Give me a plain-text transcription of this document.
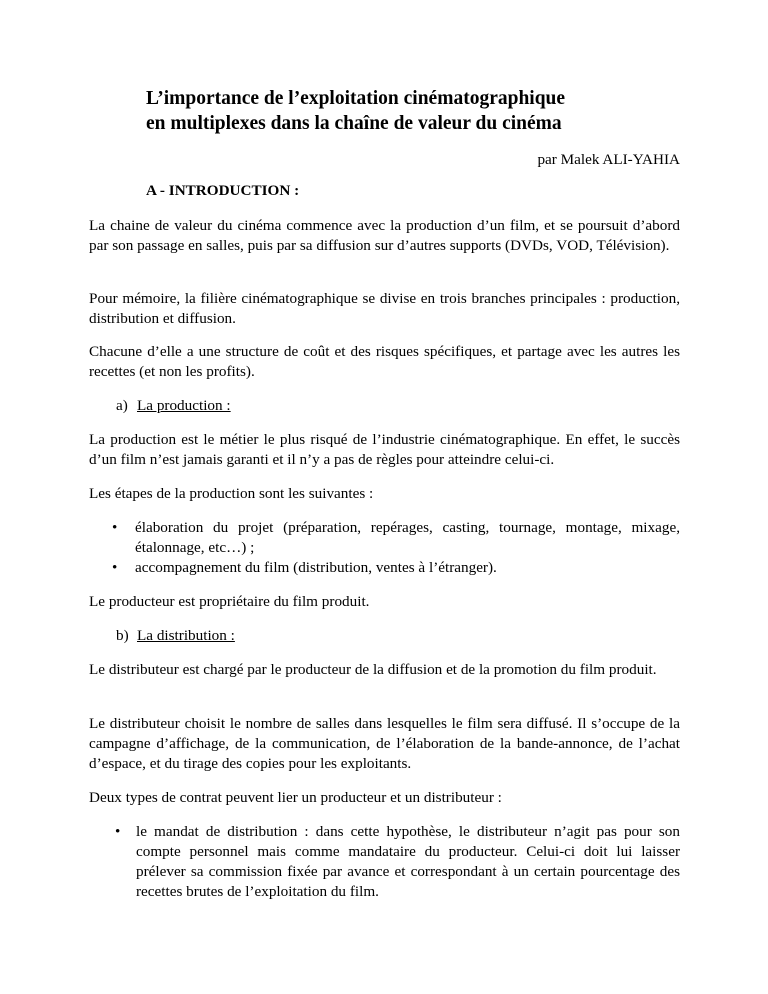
L’importance de l’exploitation cinématographique
en multiplexes dans la chaîne de valeur du cinéma

par Malek ALI-YAHIA

A - INTRODUCTION :

La chaine de valeur du cinéma commence avec la production d’un film, et se poursuit d’abord par son passage en salles, puis par sa diffusion sur d’autres supports (DVDs, VOD, Télévision).

Pour mémoire, la filière cinématographique se divise en trois branches principales : production, distribution et diffusion.

Chacune d’elle a une structure de coût et des risques spécifiques, et partage avec les autres les recettes (et non les profits).

a) La production :

La production est le métier le plus risqué de l’industrie cinématographique. En effet, le succès d’un film n’est jamais garanti et il n’y a pas de règles pour atteindre celui-ci.

Les étapes de la production sont les suivantes :

• élaboration du projet (préparation, repérages, casting, tournage, montage, mixage, étalonnage, etc…) ;
• accompagnement du film (distribution, ventes à l’étranger).

Le producteur est propriétaire du film produit.

b) La distribution :

Le distributeur est chargé par le producteur de la diffusion et de la promotion du film produit.

Le distributeur choisit le nombre de salles dans lesquelles le film sera diffusé. Il s’occupe de la campagne d’affichage, de la communication, de l’élaboration de la bande-annonce, de l’achat d’espace, et du tirage des copies pour les exploitants.

Deux types de contrat peuvent lier un producteur et un distributeur :

• le mandat de distribution : dans cette hypothèse, le distributeur n’agit pas pour son compte personnel mais comme mandataire du producteur. Celui-ci doit lui laisser prélever sa commission fixée par avance et correspondant à un certain pourcentage des recettes brutes de l’exploitation du film.
